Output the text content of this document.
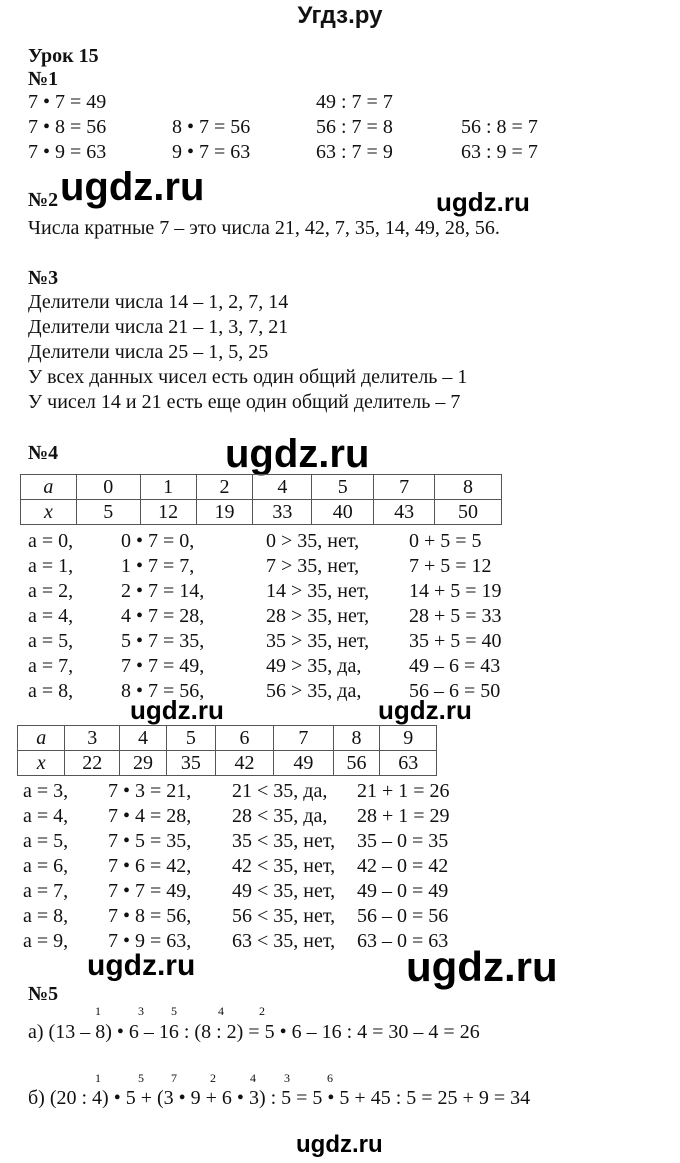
Угдз.ру
Урок 15
№1
7 • 7 = 49	49 : 7 = 7
7 • 8 = 56	8 • 7 = 56	56 : 7 = 8	56 : 8 = 7
7 • 9 = 63	9 • 7 = 63	63 : 7 = 9	63 : 9 = 7
№2 ugdz.ru	ugdz.ru
Числа кратные 7 – это числа 21, 42, 7, 35, 14, 49, 28, 56.
№3
Делители числа 14 – 1, 2, 7, 14
Делители числа 21 – 1, 3, 7, 21
Делители числа 25 – 1, 5, 25
У всех данных чисел есть один общий делитель – 1
У чисел 14 и 21 есть еще один общий делитель – 7
№4	ugdz.ru
a	0	1	2	4	5	7	8
x	5	12	19	33	40	43	50
a = 0, 0 • 7 = 0,	0 > 35, нет, 0 + 5 = 5
a = 1, 1 • 7 = 7,	7 > 35, нет, 7 + 5 = 12
a = 2, 2 • 7 = 14,	14 > 35, нет, 14 + 5 = 19
a = 4, 4 • 7 = 28,	28 > 35, нет, 28 + 5 = 33
a = 5, 5 • 7 = 35,	35 > 35, нет, 35 + 5 = 40
a = 7, 7 • 7 = 49,	49 > 35, да, 49 – 6 = 43
a = 8, 8 • 7 = 56,	56 > 35, да, 56 – 6 = 50
ugdz.ru	ugdz.ru
a	3	4	5	6	7	8	9
x	22	29	35	42	49	56	63
a = 3, 7 • 3 = 21, 21 < 35, да, 21 + 1 = 26
a = 4, 7 • 4 = 28, 28 < 35, да, 28 + 1 = 29
a = 5, 7 • 5 = 35, 35 < 35, нет, 35 – 0 = 35
a = 6, 7 • 6 = 42, 42 < 35, нет, 42 – 0 = 42
a = 7, 7 • 7 = 49, 49 < 35, нет, 49 – 0 = 49
a = 8, 7 • 8 = 56, 56 < 35, нет, 56 – 0 = 56
a = 9, 7 • 9 = 63, 63 < 35, нет, 63 – 0 = 63
ugdz.ru	ugdz.ru
№5
1	3 5	4	2
а) (13 – 8) • 6 – 16 : (8 : 2) = 5 • 6 – 16 : 4 = 30 – 4 = 26
1	5 7	2	4 3	6
б) (20 : 4) • 5 + (3 • 9 + 6 • 3) : 5 = 5 • 5 + 45 : 5 = 25 + 9 = 34
ugdz.ru
